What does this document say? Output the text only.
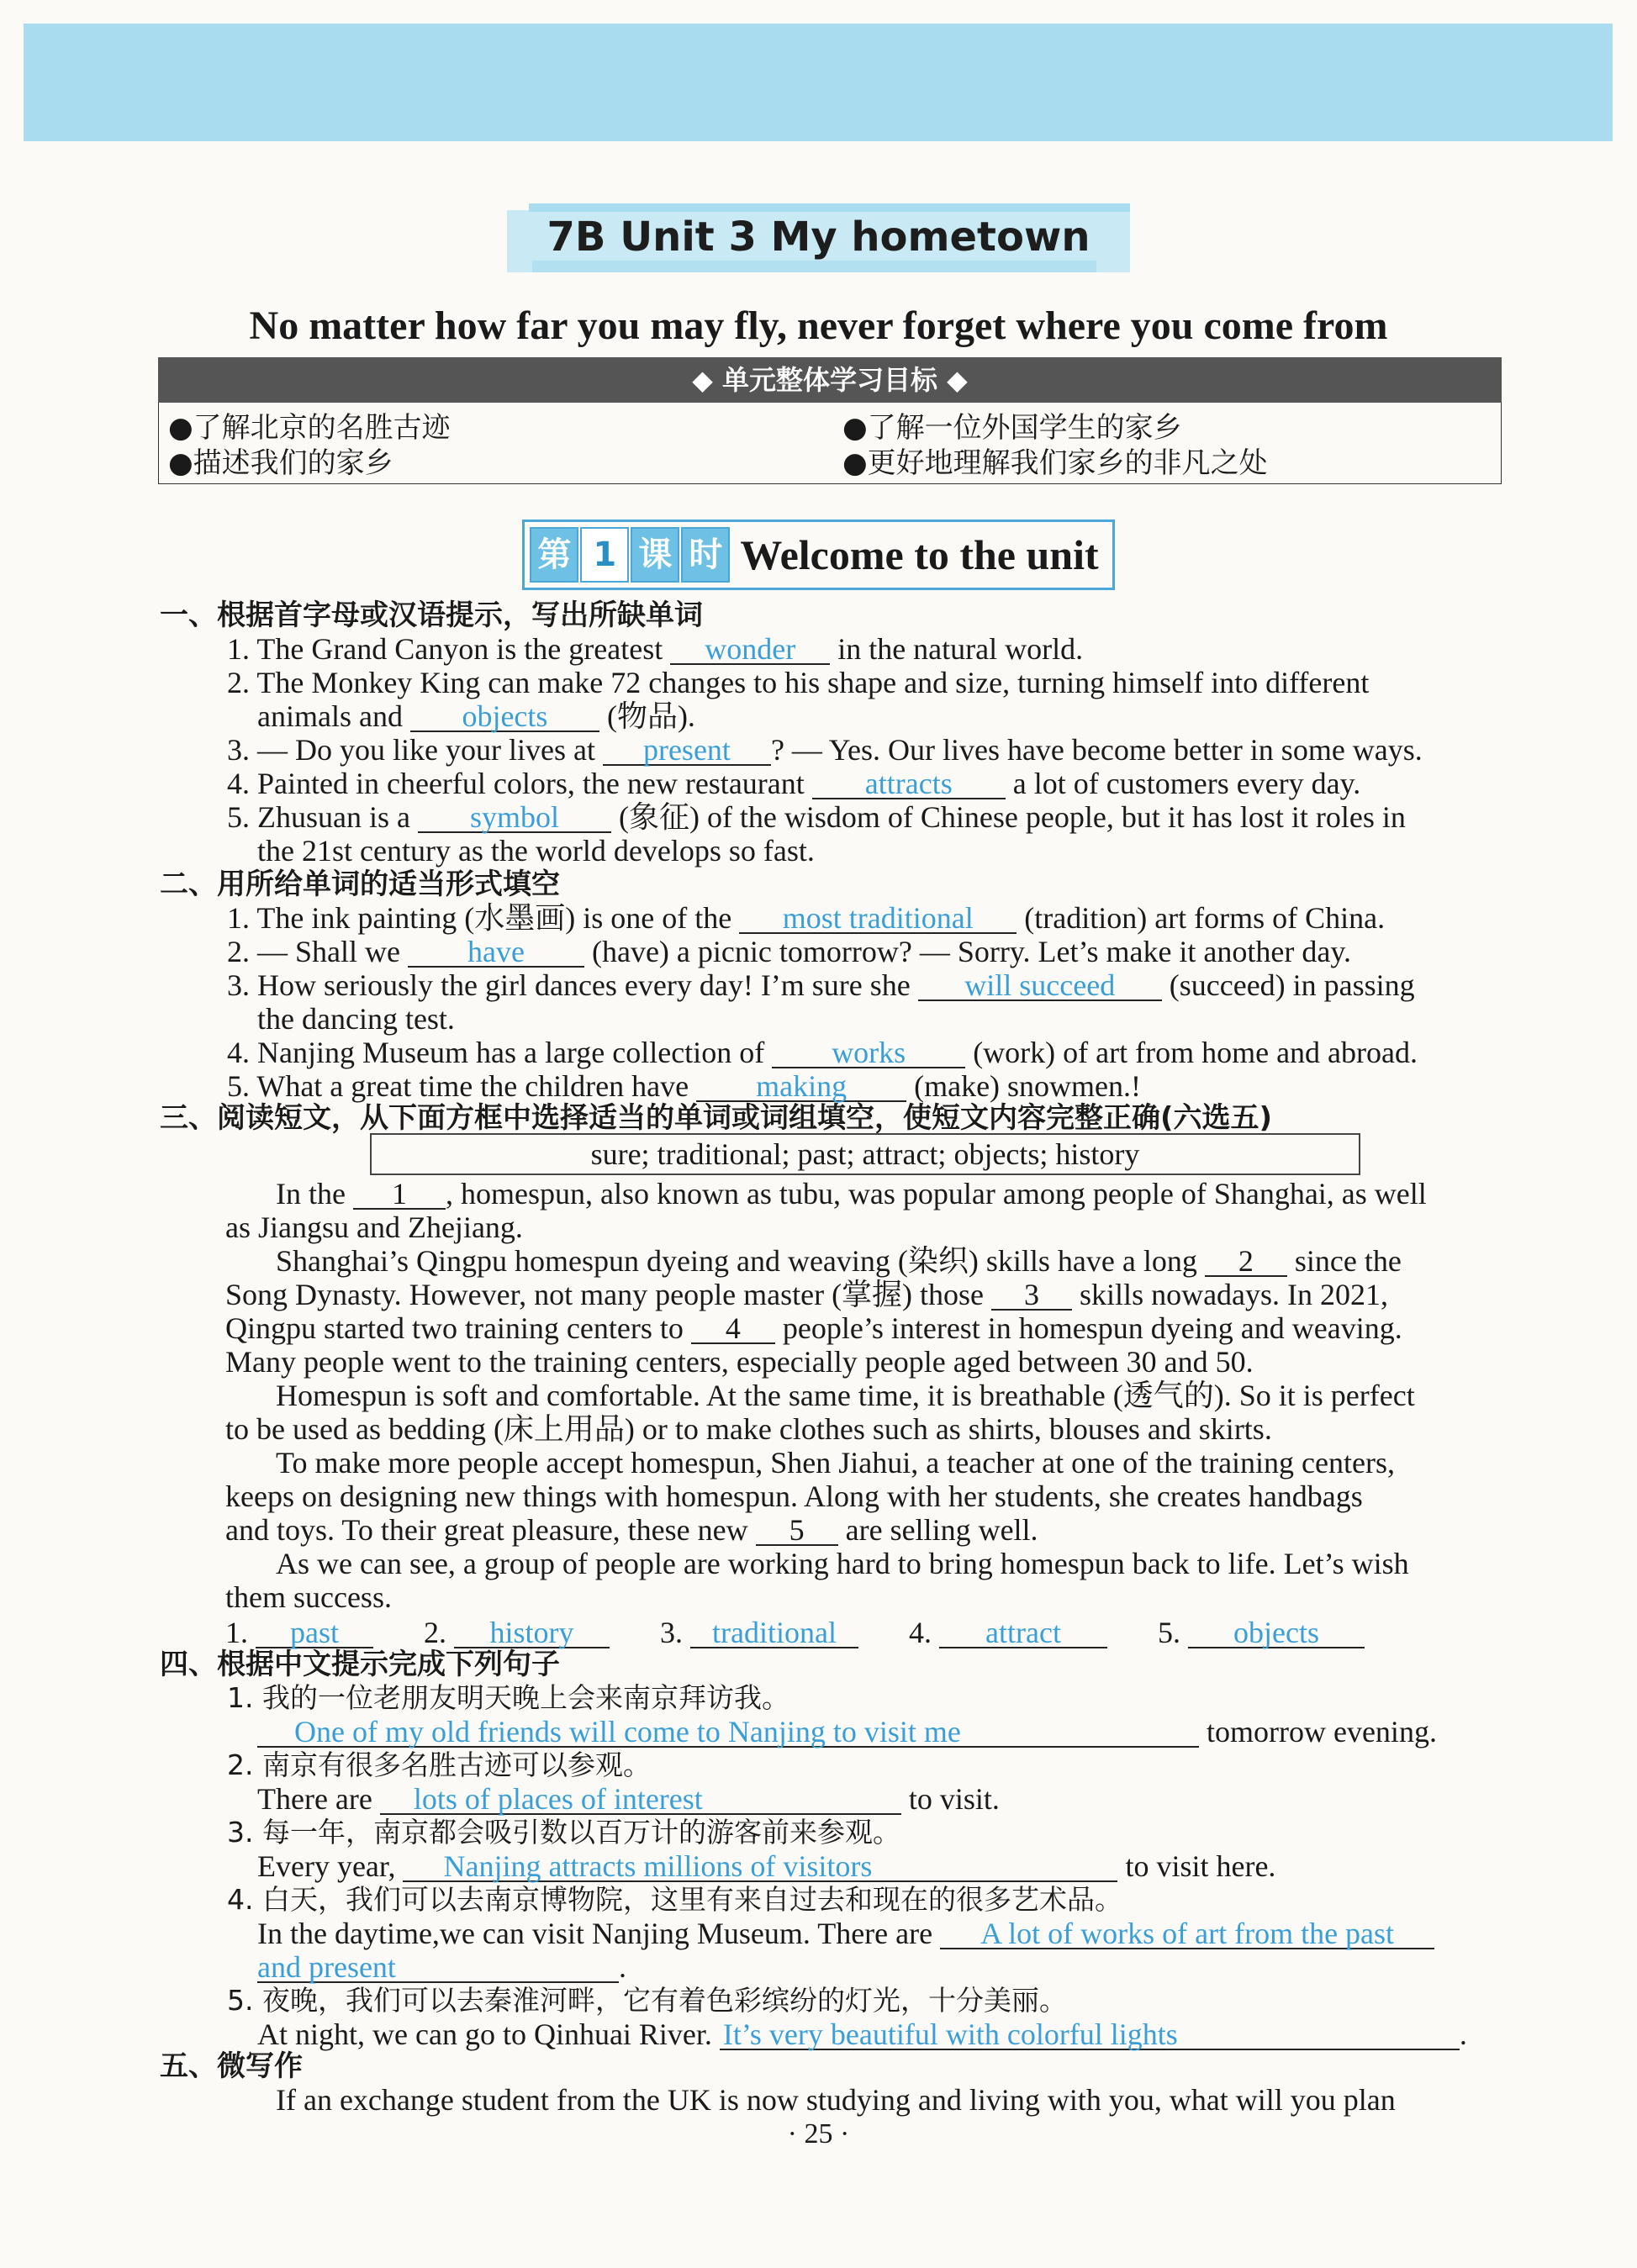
7B Unit 3 My hometown
No matter how far you may fly, never forget where you come from
◆ 单元整体学习目标 ◆
●了解北京的名胜古迹	●了解一位外国学生的家乡
●描述我们的家乡	●更好地理解我们家乡的非凡之处
第 1 课 时 Welcome to the unit
一、根据首字母或汉语提示，写出所缺单词
1. The Grand Canyon is the greatest wonder in the natural world.
2. The Monkey King can make 72 changes to his shape and size, turning himself into different
animals and objects (物品).
3. — Do you like your lives at present ? — Yes. Our lives have become better in some ways.
4. Painted in cheerful colors, the new restaurant attracts a lot of customers every day.
5. Zhusuan is a symbol (象征) of the wisdom of Chinese people, but it has lost it roles in
the 21st century as the world develops so fast.
二、用所给单词的适当形式填空
1. The ink painting (水墨画) is one of the most traditional (tradition) art forms of China.
2. — Shall we have (have) a picnic tomorrow? — Sorry. Let’s make it another day.
3. How seriously the girl dances every day! I’m sure she will succeed (succeed) in passing
the dancing test.
4. Nanjing Museum has a large collection of works (work) of art from home and abroad.
5. What a great time the children have making (make) snowmen.!
三、阅读短文，从下面方框中选择适当的单词或词组填空，使短文内容完整正确(六选五)
sure; traditional; past; attract; objects; history
In the 1 , homespun, also known as tubu, was popular among people of Shanghai, as well
as Jiangsu and Zhejiang.
Shanghai’s Qingpu homespun dyeing and weaving (染织) skills have a long 2 since the
Song Dynasty. However, not many people master (掌握) those 3 skills nowadays. In 2021,
Qingpu started two training centers to 4 people’s interest in homespun dyeing and weaving.
Many people went to the training centers, especially people aged between 30 and 50.
Homespun is soft and comfortable. At the same time, it is breathable (透气的). So it is perfect
to be used as bedding (床上用品) or to make clothes such as shirts, blouses and skirts.
To make more people accept homespun, Shen Jiahui, a teacher at one of the training centers,
keeps on designing new things with homespun. Along with her students, she creates handbags
and toys. To their great pleasure, these new 5 are selling well.
As we can see, a group of people are working hard to bring homespun back to life. Let’s wish
them success.
1. past	2. history	3. traditional 4. attract	5. objects
四、根据中文提示完成下列句子
1. 我的一位老朋友明天晚上会来南京拜访我。
One of my old friends will come to Nanjing to visit me	tomorrow evening.
2. 南京有很多名胜古迹可以参观。
There are lots of places of interest	to visit.
3. 每一年，南京都会吸引数以百万计的游客前来参观。
Every year, Nanjing attracts millions of visitors	to visit here.
4. 白天，我们可以去南京博物院，这里有来自过去和现在的很多艺术品。
In the daytime,we can visit Nanjing Museum. There are A lot of works of art from the past
and present	.
5. 夜晚，我们可以去秦淮河畔，它有着色彩缤纷的灯光，十分美丽。
At night, we can go to Qinhuai River. It’s very beautiful with colorful lights	.
五、微写作
If an exchange student from the UK is now studying and living with you, what will you plan
· 25 ·
